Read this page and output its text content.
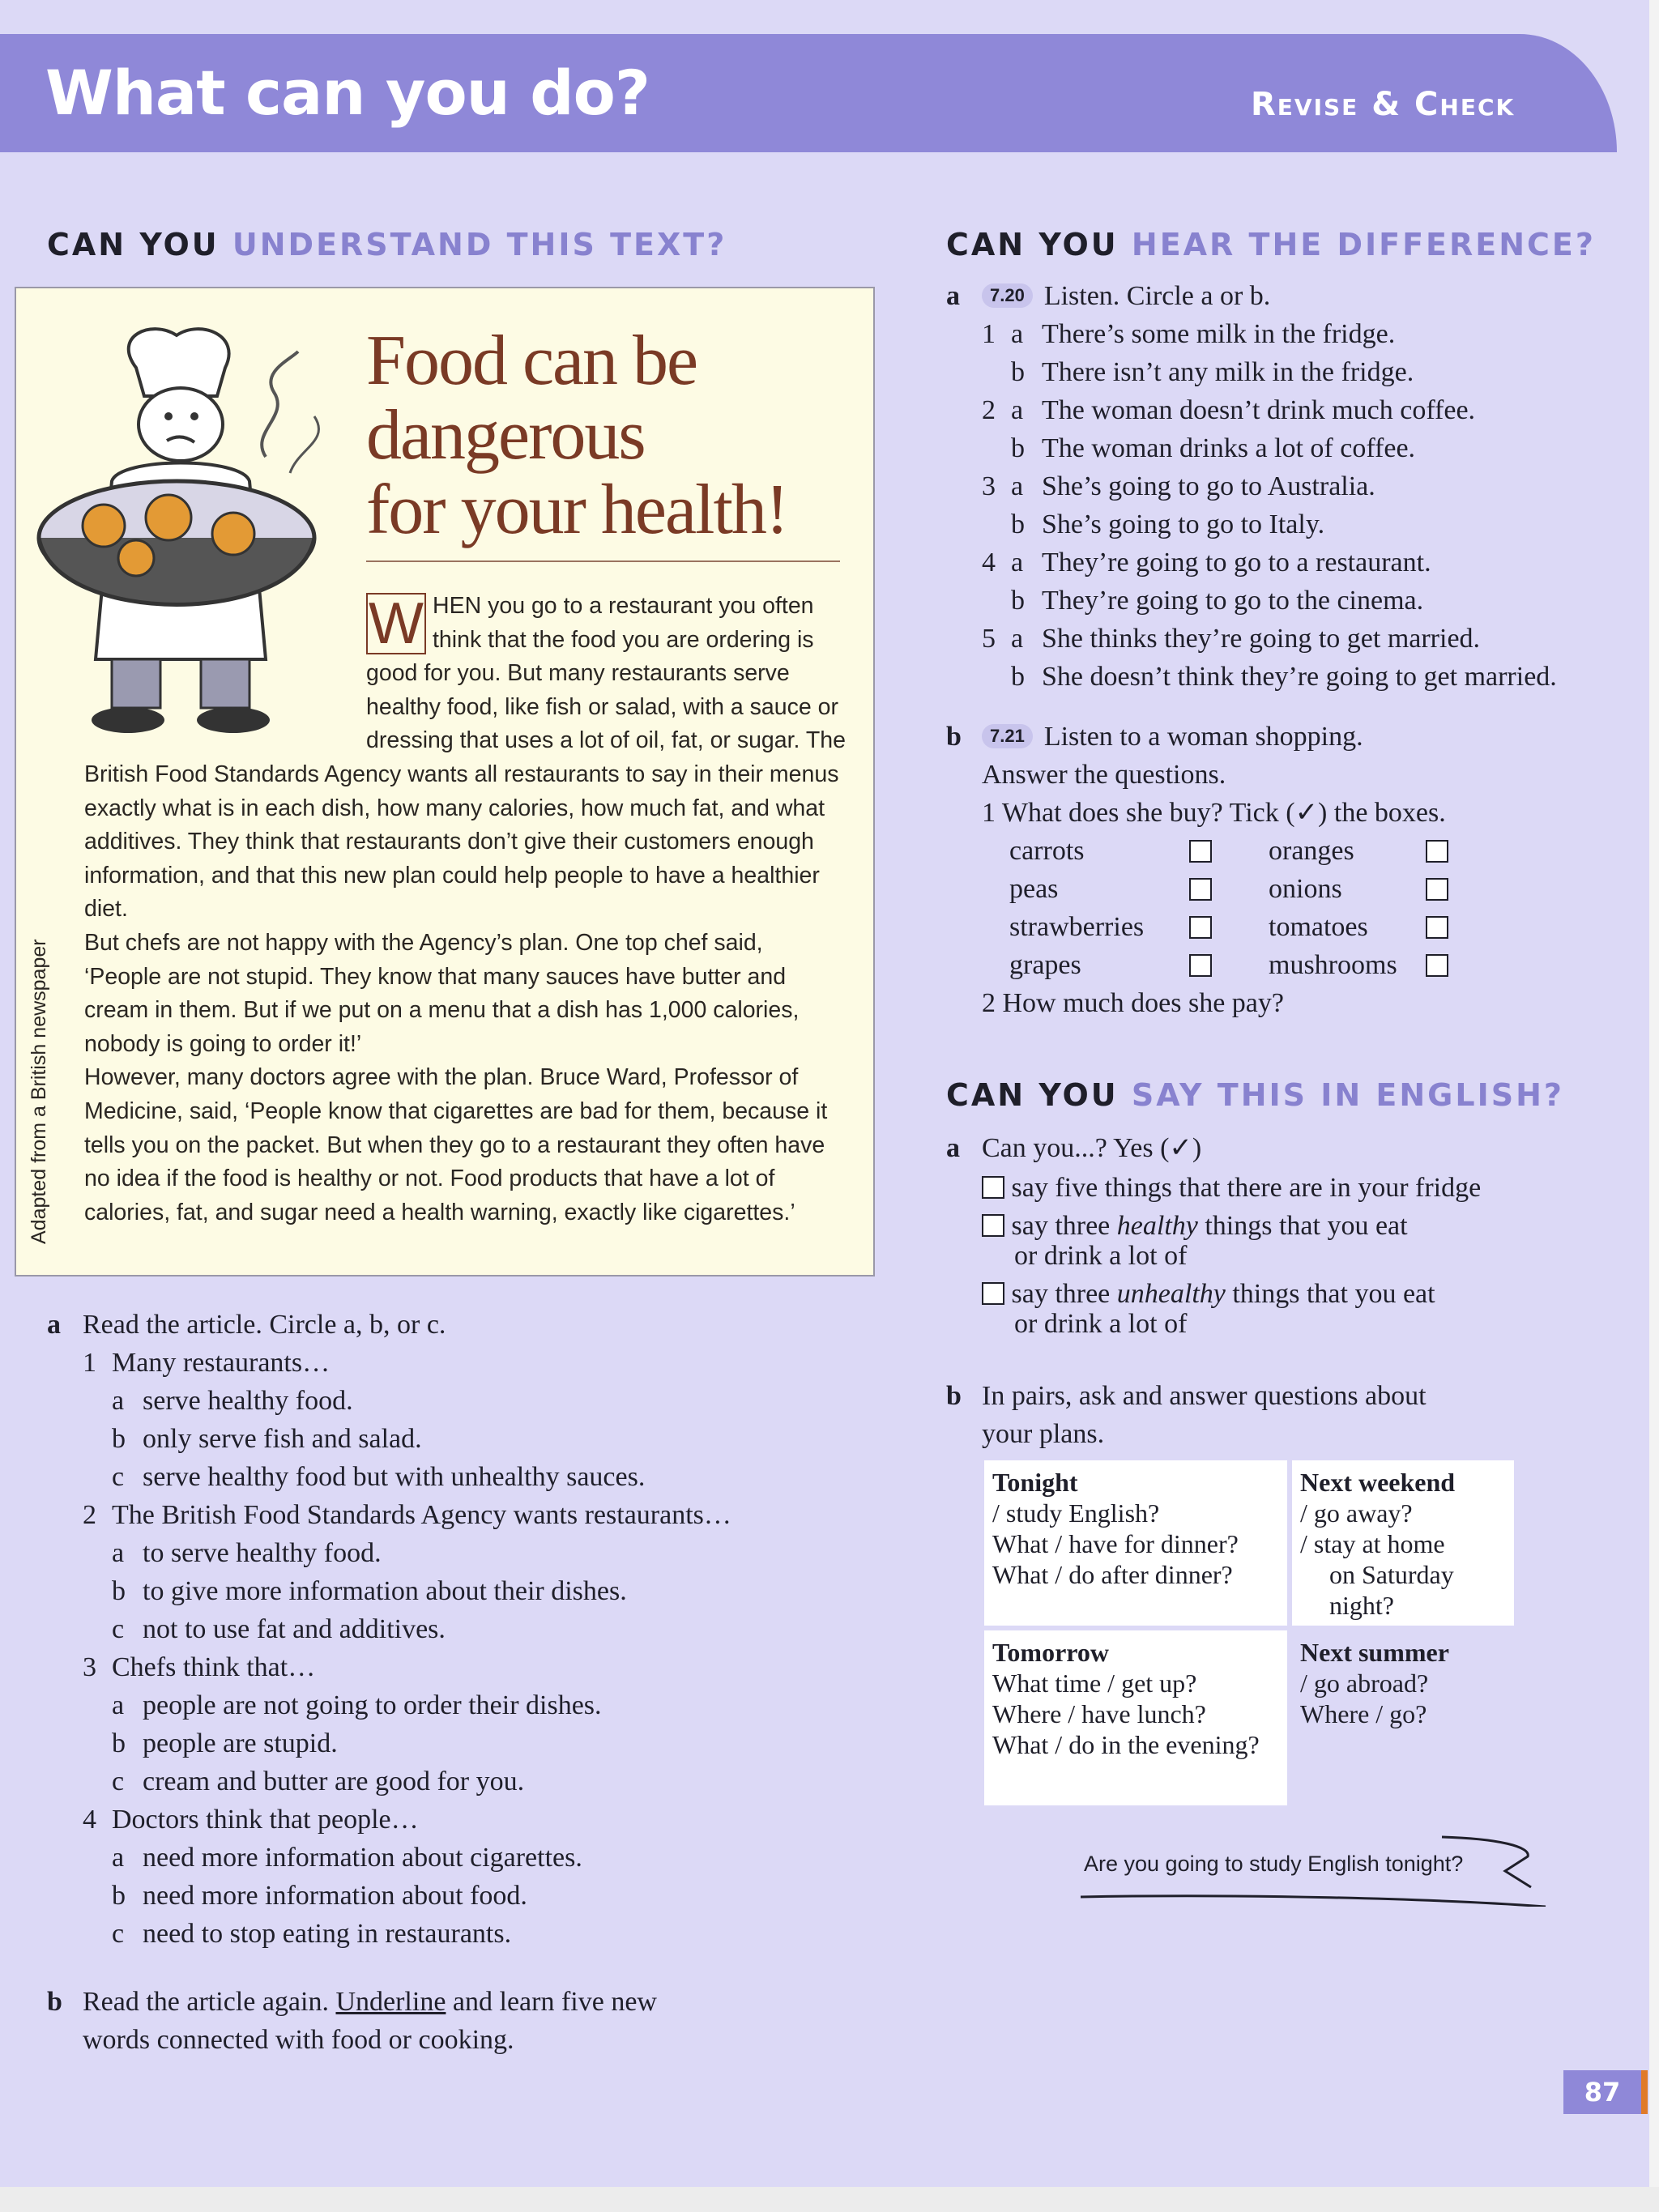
What can you do?	Revise & Check
CAN YOU UNDERSTAND THIS TEXT?
Food can be
dangerous
for your health!

W HEN you go to a restaurant you often think that the food you are ordering is good for you. But many restaurants serve healthy food, like fish or salad, with a sauce or dressing that uses a lot of oil, fat, or sugar. The British Food Standards Agency wants all restaurants to say in their menus exactly what is in each dish, how many calories, how much fat, and what additives. They think that restaurants don’t give their customers enough information, and that this new plan could help people to have a healthier diet.

But chefs are not happy with the Agency’s plan. One top chef said, ‘People are not stupid. They know that many sauces have butter and cream in them. But if we put on a menu that a dish has 1,000 calories, nobody is going to order it!’

However, many doctors agree with the plan. Bruce Ward, Professor of Medicine, said, ‘People know that cigarettes are bad for them, because it tells you on the packet. But when they go to a restaurant they often have no idea if the food is healthy or not. Food products that have a lot of calories, fat, and sugar need a health warning, exactly like cigarettes.’

Adapted from a British newspaper
a Read the article. Circle a, b, or c.
1 Many restaurants…
a serve healthy food.
b only serve fish and salad.
c serve healthy food but with unhealthy sauces.
2 The British Food Standards Agency wants restaurants…
a to serve healthy food.
b to give more information about their dishes.
c not to use fat and additives.
3 Chefs think that…
a people are not going to order their dishes.
b people are stupid.
c cream and butter are good for you.
4 Doctors think that people…
a need more information about cigarettes.
b need more information about food.
c need to stop eating in restaurants.
b Read the article again. Underline and learn five new
words connected with food or cooking.
CAN YOU HEAR THE DIFFERENCE?
a	7.20 Listen. Circle a or b.
1 a There’s some milk in the fridge.
b There isn’t any milk in the fridge.
2 a The woman doesn’t drink much coffee.
b The woman drinks a lot of coffee.
3 a She’s going to go to Australia.
b She’s going to go to Italy.
4 a They’re going to go to a restaurant.
b They’re going to go to the cinema.
5 a She thinks they’re going to get married.
b She doesn’t think they’re going to get married.
b	7.21 Listen to a woman shopping.
Answer the questions.
1 What does she buy? Tick (✓) the boxes.
carrots	oranges
peas	onions
strawberries	tomatoes
grapes	mushrooms
2 How much does she pay?
CAN YOU SAY THIS IN ENGLISH?
a Can you...? Yes (✓)
say five things that there are in your fridge
say three healthy things that you eat
or drink a lot of
say three unhealthy things that you eat
or drink a lot of
b In pairs, ask and answer questions about
your plans.
Tonight
/ study English?
What / have for dinner?
What / do after dinner?
Next weekend
/ go away?
/ stay at home
on Saturday night?
Tomorrow
What time / get up?
Where / have lunch?
What / do in the evening?
Next summer
/ go abroad?
Where / go?
Are you going to study English tonight?
87
